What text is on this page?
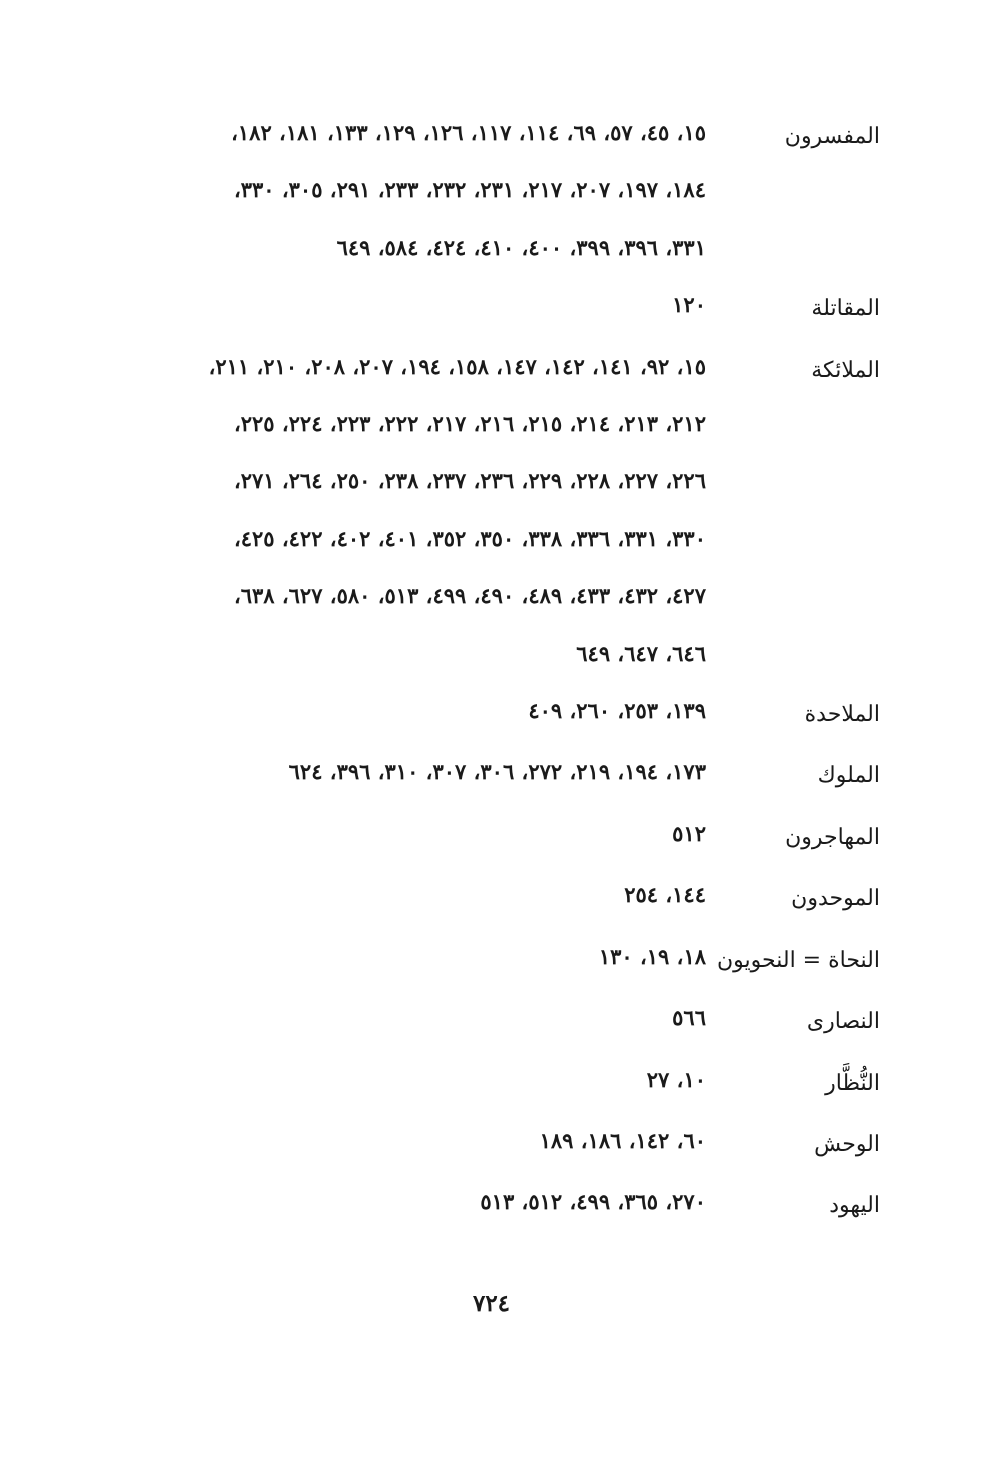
المفسرون
١٥، ٤٥، ٥٧، ٦٩، ١١٤، ١١٧، ١٢٦، ١٢٩، ١٣٣، ١٨١، ١٨٢،
١٨٤، ١٩٧، ٢٠٧، ٢١٧، ٢٣١، ٢٣٢، ٢٣٣، ٢٩١، ٣٠٥، ٣٣٠،
٣٣١، ٣٩٦، ٣٩٩، ٤٠٠، ٤١٠، ٤٢٤، ٥٨٤، ٦٤٩
المقاتلة
١٢٠
الملائكة
١٥، ٩٢، ١٤١، ١٤٢، ١٤٧، ١٥٨، ١٩٤، ٢٠٧، ٢٠٨، ٢١٠، ٢١١،
٢١٢، ٢١٣، ٢١٤، ٢١٥، ٢١٦، ٢١٧، ٢٢٢، ٢٢٣، ٢٢٤، ٢٢٥،
٢٢٦، ٢٢٧، ٢٢٨، ٢٢٩، ٢٣٦، ٢٣٧، ٢٣٨، ٢٥٠، ٢٦٤، ٢٧١،
٣٣٠، ٣٣١، ٣٣٦، ٣٣٨، ٣٥٠، ٣٥٢، ٤٠١، ٤٠٢، ٤٢٢، ٤٢٥،
٤٢٧، ٤٣٢، ٤٣٣، ٤٨٩، ٤٩٠، ٤٩٩، ٥١٣، ٥٨٠، ٦٢٧، ٦٣٨،
٦٤٦، ٦٤٧، ٦٤٩
الملاحدة
١٣٩، ٢٥٣، ٢٦٠، ٤٠٩
الملوك
١٧٣، ١٩٤، ٢١٩، ٢٧٢، ٣٠٦، ٣٠٧، ٣١٠، ٣٩٦، ٦٢٤
المهاجرون
٥١٢
الموحدون
١٤٤، ٢٥٤
النحاة = النحويون
١٨، ١٩، ١٣٠
النصارى
٥٦٦
النُّظَّار
١٠، ٢٧
الوحش
٦٠، ١٤٢، ١٨٦، ١٨٩
اليهود
٢٧٠، ٣٦٥، ٤٩٩، ٥١٢، ٥١٣
٧٢٤
